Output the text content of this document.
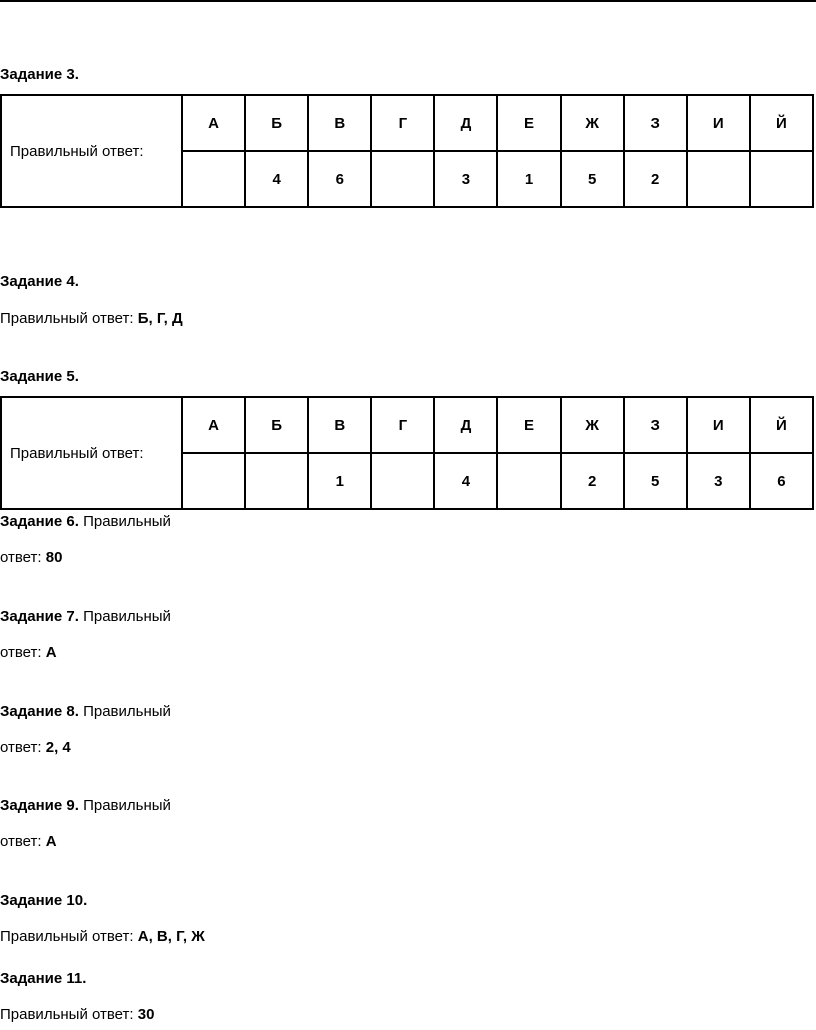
Задание 3.
Правильный ответ:	А	Б	В	Г	Д	Е	Ж	З	И	Й
		4	6		3	1	5	2		
Задание 4.
Правильный ответ: Б, Г, Д
Задание 5.
Правильный ответ:	А	Б	В	Г	Д	Е	Ж	З	И	Й
			1		4		2	5	3	6
Задание 6. Правильный
ответ: 80
Задание 7. Правильный
ответ: А
Задание 8. Правильный
ответ: 2, 4
Задание 9. Правильный
ответ: А
Задание 10.
Правильный ответ: А, В, Г, Ж
Задание 11.
Правильный ответ: 30
